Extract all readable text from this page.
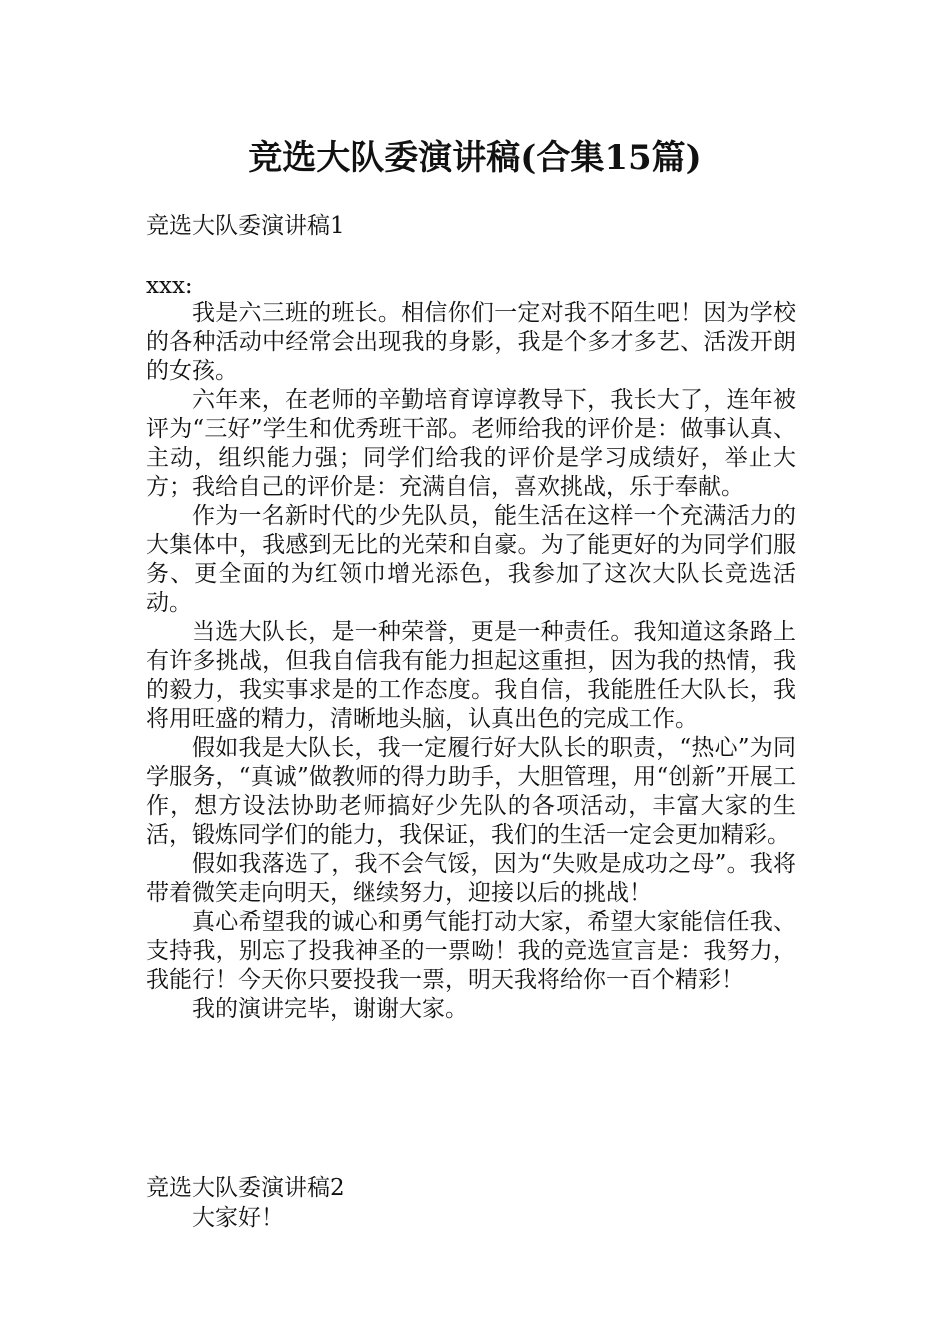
竞选大队委演讲稿(合集15篇)
竞选大队委演讲稿1
xxx:

我是六三班的班长。相信你们一定对我不陌生吧！因为学校的各种活动中经常会出现我的身影，我是个多才多艺、活泼开朗的女孩。

六年来，在老师的辛勤培育谆谆教导下，我长大了，连年被评为“三好”学生和优秀班干部。老师给我的评价是：做事认真、主动，组织能力强；同学们给我的评价是学习成绩好，举止大方；我给自己的评价是：充满自信，喜欢挑战，乐于奉献。

作为一名新时代的少先队员，能生活在这样一个充满活力的大集体中，我感到无比的光荣和自豪。为了能更好的为同学们服务、更全面的为红领巾增光添色，我参加了这次大队长竞选活动。

当选大队长，是一种荣誉，更是一种责任。我知道这条路上有许多挑战，但我自信我有能力担起这重担，因为我的热情，我的毅力，我实事求是的工作态度。我自信，我能胜任大队长，我将用旺盛的精力，清晰地头脑，认真出色的完成工作。

假如我是大队长，我一定履行好大队长的职责，“热心”为同学服务，“真诚”做教师的得力助手，大胆管理，用“创新”开展工作，想方设法协助老师搞好少先队的各项活动，丰富大家的生活，锻炼同学们的能力，我保证，我们的生活一定会更加精彩。

假如我落选了，我不会气馁，因为“失败是成功之母”。我将带着微笑走向明天，继续努力，迎接以后的挑战！

真心希望我的诚心和勇气能打动大家，希望大家能信任我、支持我，别忘了投我神圣的一票呦！我的竞选宣言是：我努力，我能行！今天你只要投我一票，明天我将给你一百个精彩！

我的演讲完毕，谢谢大家。

竞选大队委演讲稿2
大家好！
